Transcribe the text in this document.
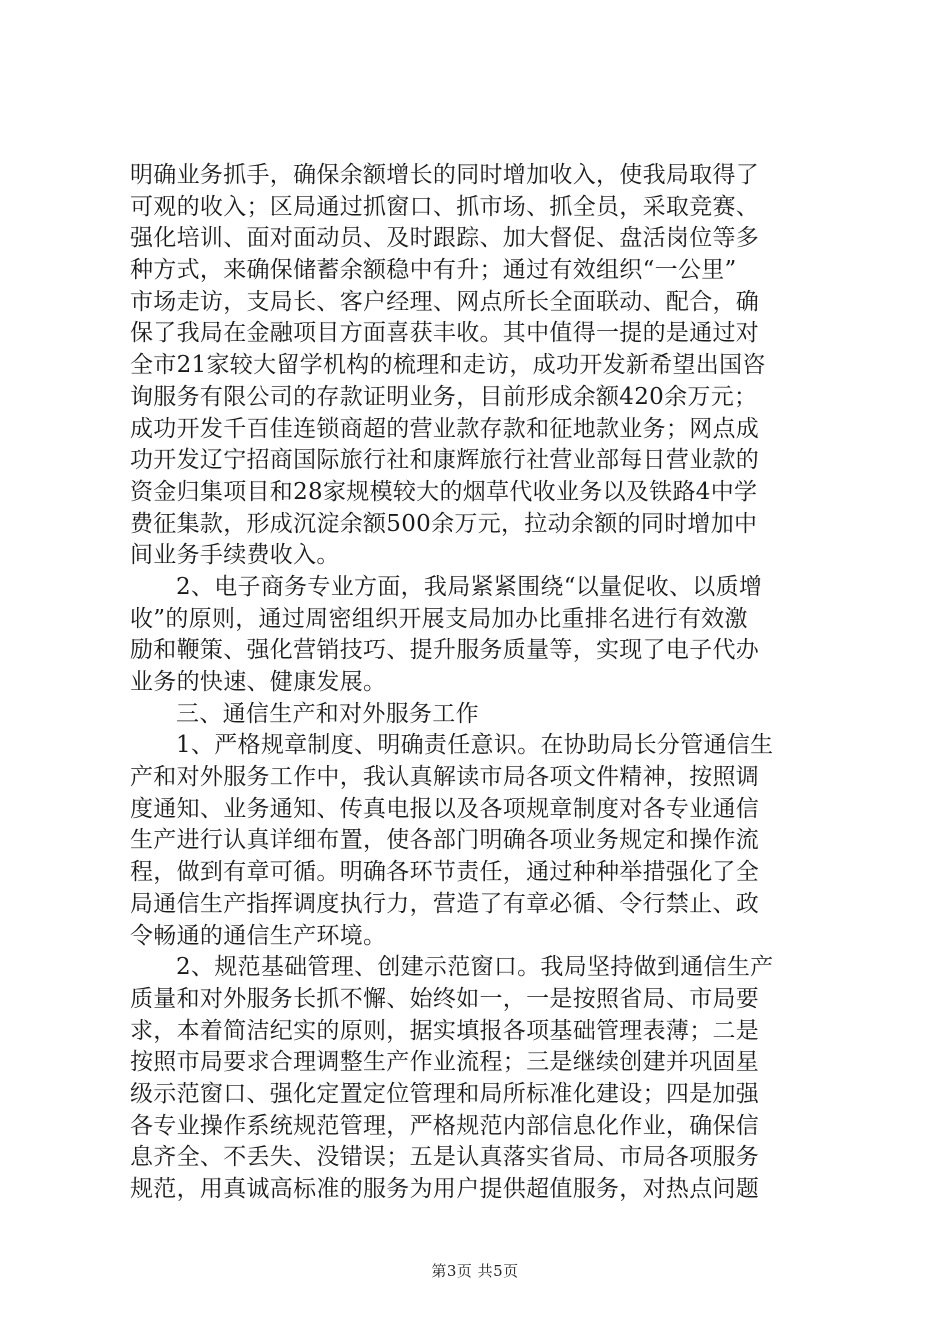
明确业务抓手，确保余额增长的同时增加收入，使我局取得了
可观的收入；区局通过抓窗口、抓市场、抓全员，采取竞赛、
强化培训、面对面动员、及时跟踪、加大督促、盘活岗位等多
种方式，来确保储蓄余额稳中有升；通过有效组织“一公里”
市场走访，支局长、客户经理、网点所长全面联动、配合，确
保了我局在金融项目方面喜获丰收。其中值得一提的是通过对
全市21家较大留学机构的梳理和走访，成功开发新希望出国咨
询服务有限公司的存款证明业务，目前形成余额420余万元；
成功开发千百佳连锁商超的营业款存款和征地款业务；网点成
功开发辽宁招商国际旅行社和康辉旅行社营业部每日营业款的
资金归集项目和28家规模较大的烟草代收业务以及铁路4中学
费征集款，形成沉淀余额500余万元，拉动余额的同时增加中
间业务手续费收入。
2、电子商务专业方面，我局紧紧围绕“以量促收、以质增
收”的原则，通过周密组织开展支局加办比重排名进行有效激
励和鞭策、强化营销技巧、提升服务质量等，实现了电子代办
业务的快速、健康发展。
三、通信生产和对外服务工作
1、严格规章制度、明确责任意识。在协助局长分管通信生
产和对外服务工作中，我认真解读市局各项文件精神，按照调
度通知、业务通知、传真电报以及各项规章制度对各专业通信
生产进行认真详细布置，使各部门明确各项业务规定和操作流
程，做到有章可循。明确各环节责任，通过种种举措强化了全
局通信生产指挥调度执行力，营造了有章必循、令行禁止、政
令畅通的通信生产环境。
2、规范基础管理、创建示范窗口。我局坚持做到通信生产
质量和对外服务长抓不懈、始终如一，一是按照省局、市局要
求，本着简洁纪实的原则，据实填报各项基础管理表薄；二是
按照市局要求合理调整生产作业流程；三是继续创建并巩固星
级示范窗口、强化定置定位管理和局所标准化建设；四是加强
各专业操作系统规范管理，严格规范内部信息化作业，确保信
息齐全、不丢失、没错误；五是认真落实省局、市局各项服务
规范，用真诚高标准的服务为用户提供超值服务，对热点问题
第3页 共5页
